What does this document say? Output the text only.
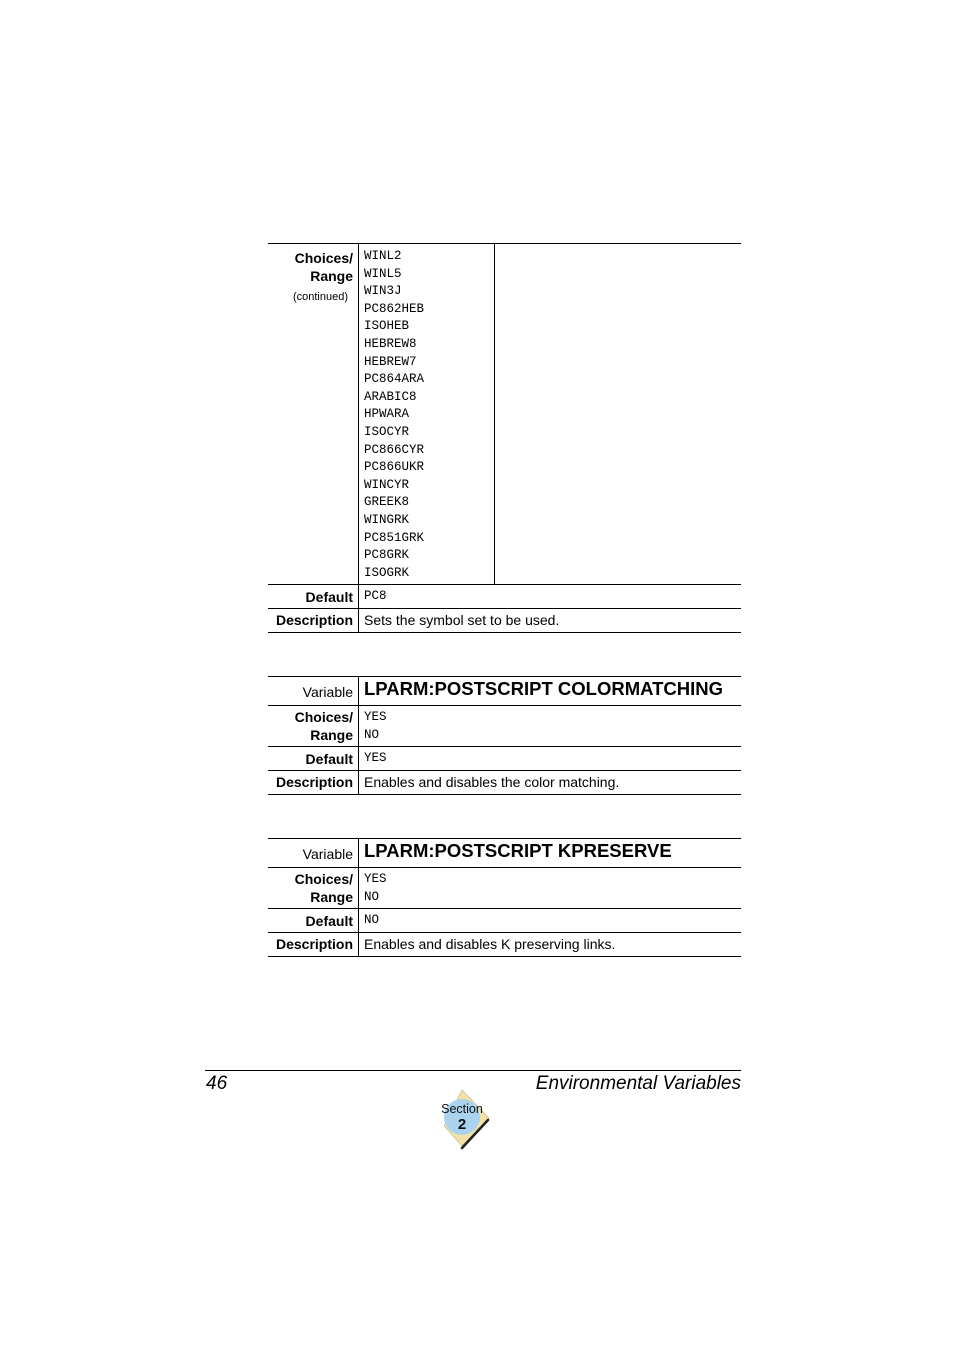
Choices/
Range
(continued)
WINL2
WINL5
WIN3J
PC862HEB
ISOHEB
HEBREW8
HEBREW7
PC864ARA
ARABIC8
HPWARA
ISOCYR
PC866CYR
PC866UKR
WINCYR
GREEK8
WINGRK
PC851GRK
PC8GRK
ISOGRK
Default PC8
Description Sets the symbol set to be used.
Variable LPARM:POSTSCRIPT COLORMATCHING
Choices/
Range
YES
NO
Default YES
Description Enables and disables the color matching.
Variable LPARM:POSTSCRIPT KPRESERVE
Choices/
Range
YES
NO
Default NO
Description Enables and disables K preserving links.
46	Environmental Variables
Section
2
